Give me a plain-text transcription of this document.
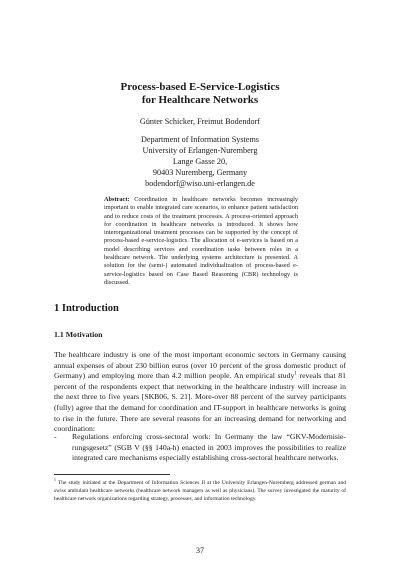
Process-based E-Service-Logistics
for Healthcare Networks
Günter Schicker, Freimut Bodendorf
Department of Information Systems
University of Erlangen-Nuremberg
Lange Gasse 20,
90403 Nuremberg, Germany
bodendorf@wiso.uni-erlangen.de
Abstract: Coordination in healthcare networks becomes increasingly important to enable integrated care scenarios, to enhance patient satisfaction and to reduce costs of the treatment processes. A process-oriented approach for coordination in healthcare networks is introduced. It shows how interorganizational treatment processes can be supported by the concept of process-based e-service-logistics. The allocation of e-services is based on a model describing services and coordination tasks between roles in a healthcare network. The underlying systems architecture is presented. A solution for the (semi-) automated individualization of process-based e-service-logistics based on Case Based Reasoning (CBR) technology is discussed.
1 Introduction
1.1 Motivation
The healthcare industry is one of the most important economic sectors in Germany causing annual expenses of about 230 billion euros (over 10 percent of the gross domestic product of Germany) and employing more than 4.2 million people. An empirical study$^1$ reveals that 81 percent of the respondents expect that networking in the healthcare industry will increase in the next three to five years [SKB06, S. 21]. More-over 88 percent of the survey participants (fully) agree that the demand for coordination and IT-support in healthcare networks is going to rise in the future. There are several reasons for an increasing demand for networking and coordination:
- Regulations enforcing cross-sectoral work: In Germany the law “GKV-Modernisie-rungsgesetz” (SGB V (§§ 140a-h) enacted in 2003 improves the possibilities to realize integrated care mechanisms especially establishing cross-sectoral healthcare networks.
$^1$ The study initiated at the Department of Information Sciences II at the University Erlangen-Nuremberg addressed german and swiss ambulant healthcare networks (healthcare network managers as well as physicians). The survey investigated the maturity of healthcare network organizations regarding strategy, processes, and information technology.
37
